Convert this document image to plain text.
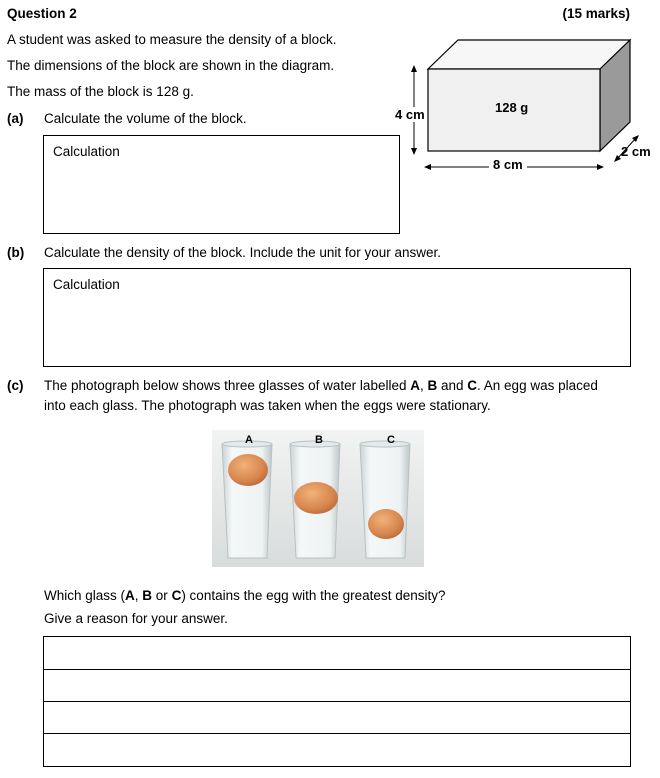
Question 2	(15 marks)
A student was asked to measure the density of a block.
The dimensions of the block are shown in the diagram.
The mass of the block is 128 g.
128 g
4 cm
8 cm
2 cm
(a) Calculate the volume of the block.
Calculation
(b) Calculate the density of the block. Include the unit for your answer.
Calculation
(c) The photograph below shows three glasses of water labelled A, B and C. An egg was placed
into each glass. The photograph was taken when the eggs were stationary.
A	B	C
Which glass (A, B or C) contains the egg with the greatest density?
Give a reason for your answer.
